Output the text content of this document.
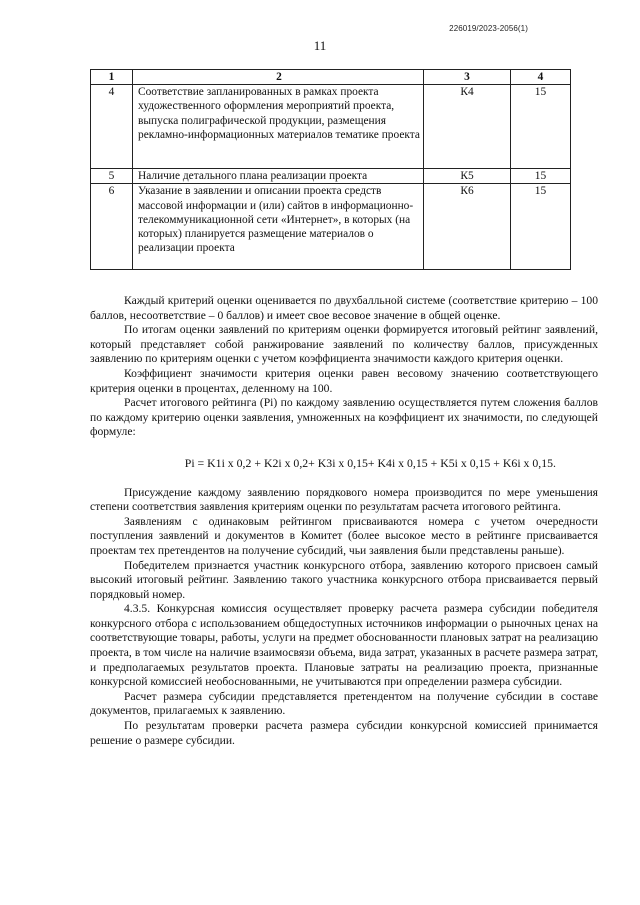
226019/2023-2056(1)
11
1	2	3	4
4	Соответствие запланированных в рамках проекта художественного оформления мероприятий проекта, выпуска полиграфической продукции, размещения рекламно-информационных материалов тематике проекта	К4	15
5	Наличие детального плана реализации проекта	К5	15
6	Указание в заявлении и описании проекта средств массовой информации и (или) сайтов в информационно-телекоммуникационной сети «Интернет», в которых (на которых) планируется размещение материалов о реализации проекта	К6	15

Каждый критерий оценки оценивается по двухбалльной системе (соответствие критерию – 100 баллов, несоответствие – 0 баллов) и имеет свое весовое значение в общей оценке.

По итогам оценки заявлений по критериям оценки формируется итоговый рейтинг заявлений, который представляет собой ранжирование заявлений по количеству баллов, присужденных заявлению по критериям оценки с учетом коэффициента значимости каждого критерия оценки.

Коэффициент значимости критерия оценки равен весовому значению соответствующего критерия оценки в процентах, деленному на 100.

Расчет итогового рейтинга (Pi) по каждому заявлению осуществляется путем сложения баллов по каждому критерию оценки заявления, умноженных на коэффициент их значимости, по следующей формуле:

Pi = K1i x 0,2 + K2i x 0,2+ K3i x 0,15+ K4i x 0,15 + K5i x 0,15 + K6i x 0,15.

Присуждение каждому заявлению порядкового номера производится по мере уменьшения степени соответствия заявления критериям оценки по результатам расчета итогового рейтинга.

Заявлениям с одинаковым рейтингом присваиваются номера с учетом очередности поступления заявлений и документов в Комитет (более высокое место в рейтинге присваивается проектам тех претендентов на получение субсидий, чьи заявления были представлены раньше).

Победителем признается участник конкурсного отбора, заявлению которого присвоен самый высокий итоговый рейтинг. Заявлению такого участника конкурсного отбора присваивается первый порядковый номер.

4.3.5. Конкурсная комиссия осуществляет проверку расчета размера субсидии победителя конкурсного отбора с использованием общедоступных источников информации о рыночных ценах на соответствующие товары, работы, услуги на предмет обоснованности плановых затрат на реализацию проекта, в том числе на наличие взаимосвязи объема, вида затрат, указанных в расчете размера затрат, и предполагаемых результатов проекта. Плановые затраты на реализацию проекта, признанные конкурсной комиссией необоснованными, не учитываются при определении размера субсидии.

Расчет размера субсидии представляется претендентом на получение субсидии в составе документов, прилагаемых к заявлению.

По результатам проверки расчета размера субсидии конкурсной комиссией принимается решение о размере субсидии.
